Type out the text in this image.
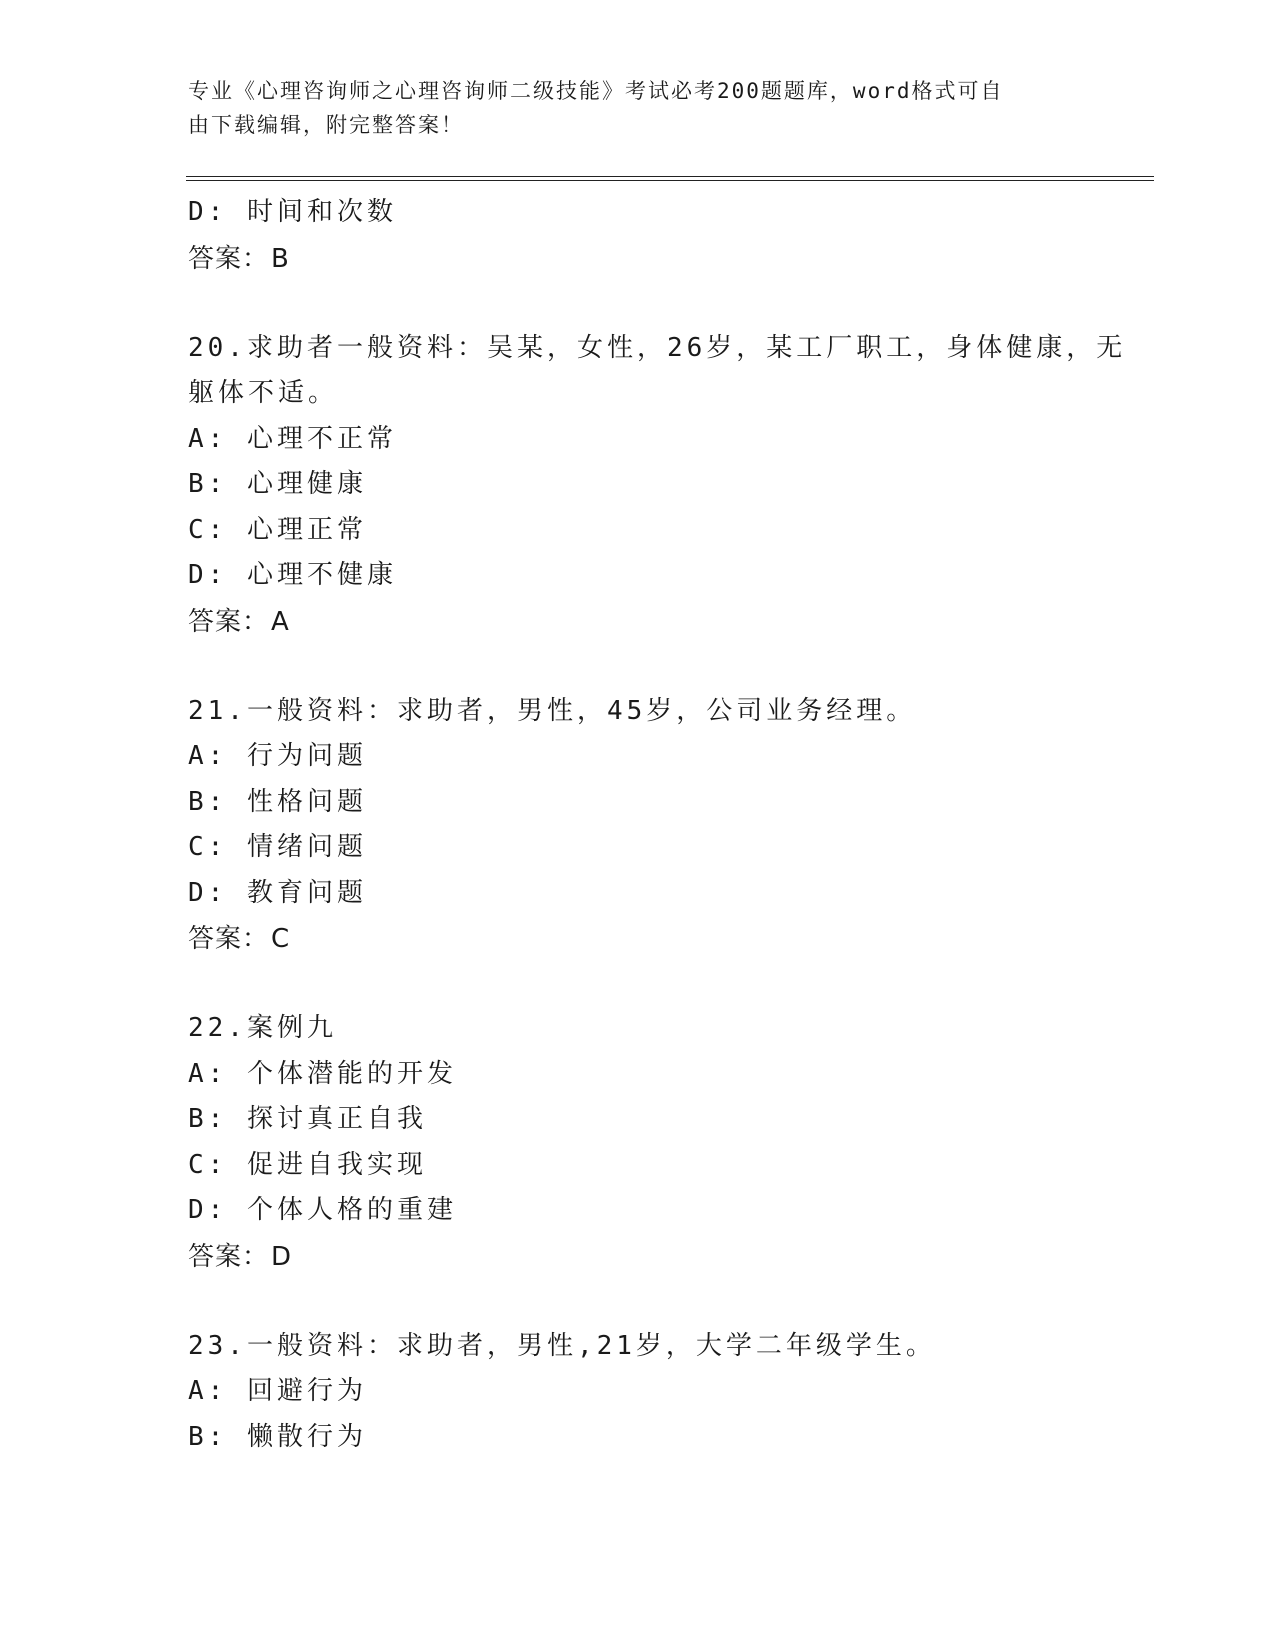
专业《心理咨询师之心理咨询师二级技能》考试必考200题题库，word格式可自
由下载编辑，附完整答案！
D: 时间和次数
答案：B
20.求助者一般资料：吴某，女性，26岁，某工厂职工，身体健康，无
躯体不适。
A: 心理不正常
B: 心理健康
C: 心理正常
D: 心理不健康
答案：A
21.一般资料：求助者，男性，45岁，公司业务经理。
A: 行为问题
B: 性格问题
C: 情绪问题
D: 教育问题
答案：C
22.案例九
A: 个体潜能的开发
B: 探讨真正自我
C: 促进自我实现
D: 个体人格的重建
答案：D
23.一般资料：求助者，男性,21岁，大学二年级学生。
A: 回避行为
B: 懒散行为
